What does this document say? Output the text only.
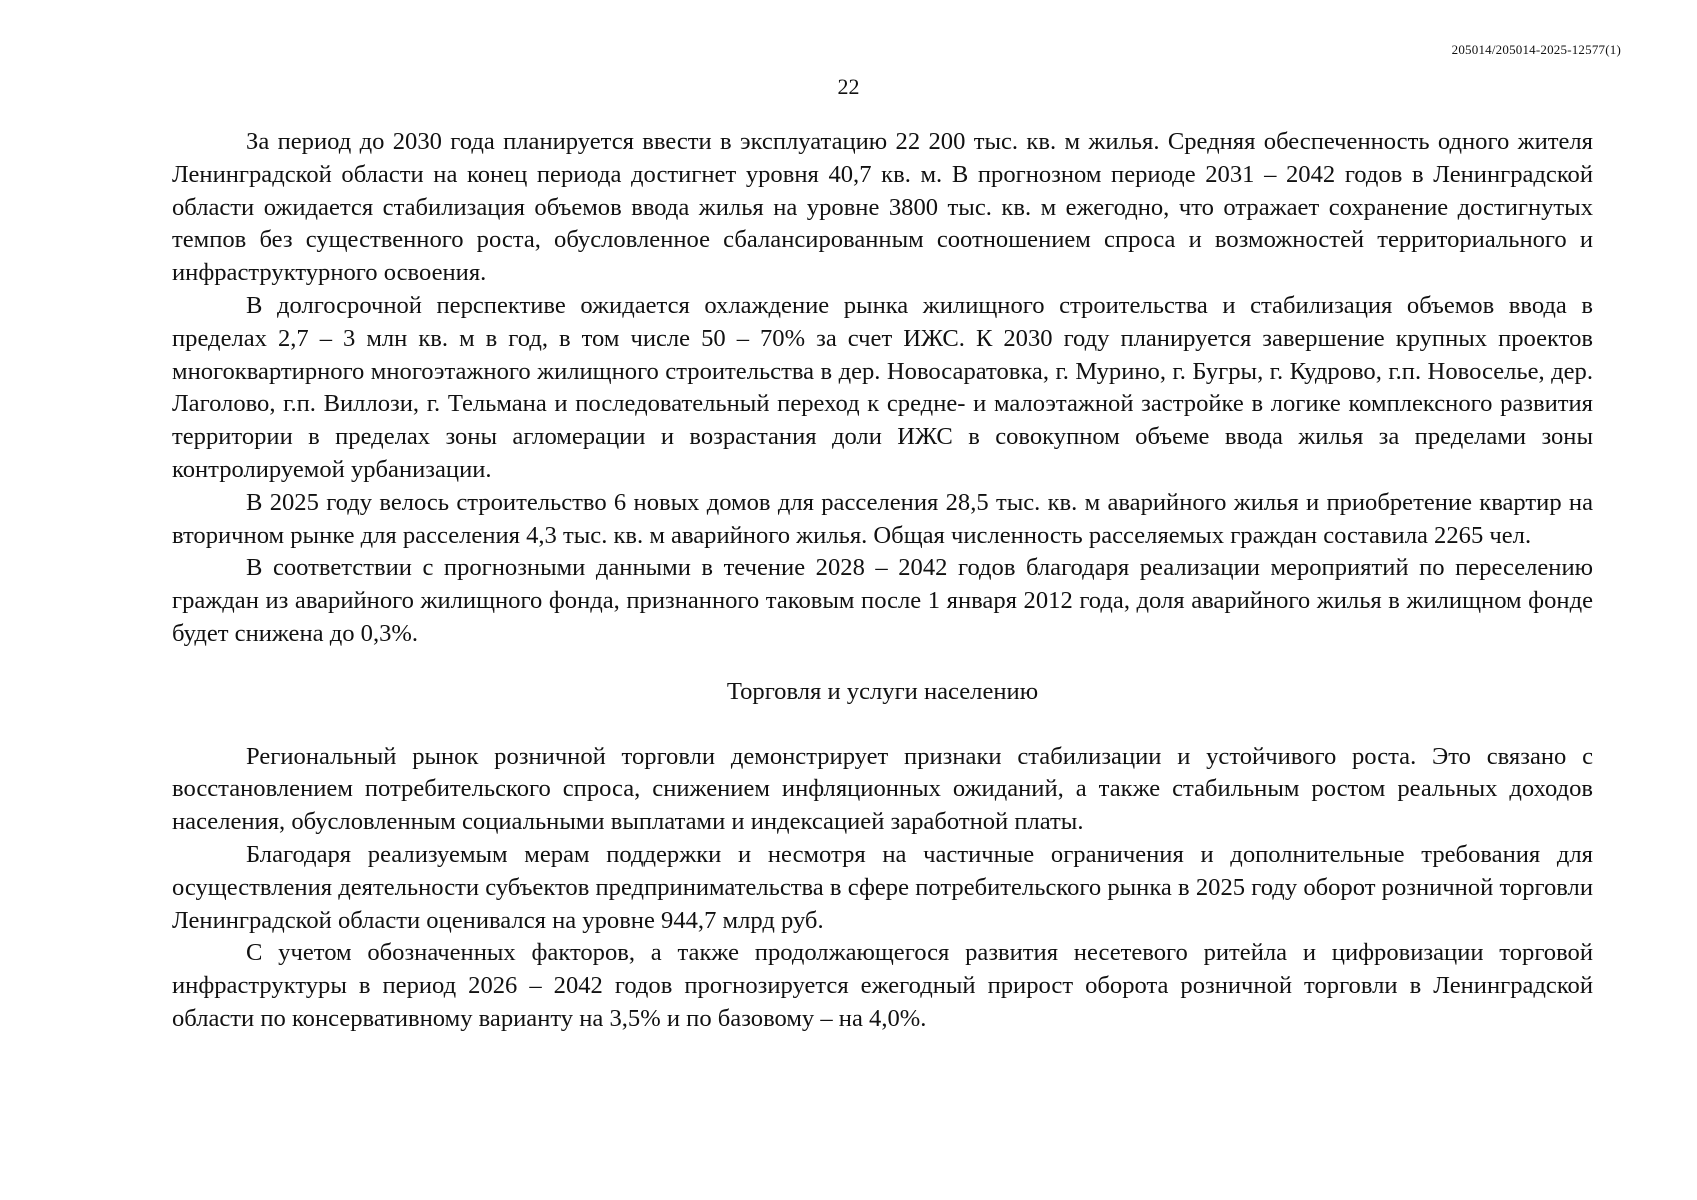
205014/205014-2025-12577(1)
22

За период до 2030 года планируется ввести в эксплуатацию 22 200 тыс. кв. м жилья. Средняя обеспеченность одного жителя Ленинградской области на конец периода достигнет уровня 40,7 кв. м. В прогнозном периоде 2031 – 2042 годов в Ленинградской области ожидается стабилизация объемов ввода жилья на уровне 3800 тыс. кв. м ежегодно, что отражает сохранение достигнутых темпов без существенного роста, обусловленное сбалансированным соотношением спроса и возможностей территориального и инфраструктурного освоения.

В долгосрочной перспективе ожидается охлаждение рынка жилищного строительства и стабилизация объемов ввода в пределах 2,7 – 3 млн кв. м в год, в том числе 50 – 70% за счет ИЖС. К 2030 году планируется завершение крупных проектов многоквартирного многоэтажного жилищного строительства в дер. Новосаратовка, г. Мурино, г. Бугры, г. Кудрово, г.п. Новоселье, дер. Лаголово, г.п. Виллози, г. Тельмана и последовательный переход к средне- и малоэтажной застройке в логике комплексного развития территории в пределах зоны агломерации и возрастания доли ИЖС в совокупном объеме ввода жилья за пределами зоны контролируемой урбанизации.

В 2025 году велось строительство 6 новых домов для расселения 28,5 тыс. кв. м аварийного жилья и приобретение квартир на вторичном рынке для расселения 4,3 тыс. кв. м аварийного жилья. Общая численность расселяемых граждан составила 2265 чел.

В соответствии с прогнозными данными в течение 2028 – 2042 годов благодаря реализации мероприятий по переселению граждан из аварийного жилищного фонда, признанного таковым после 1 января 2012 года, доля аварийного жилья в жилищном фонде будет снижена до 0,3%.

Торговля и услуги населению

Региональный рынок розничной торговли демонстрирует признаки стабилизации и устойчивого роста. Это связано с восстановлением потребительского спроса, снижением инфляционных ожиданий, а также стабильным ростом реальных доходов населения, обусловленным социальными выплатами и индексацией заработной платы.

Благодаря реализуемым мерам поддержки и несмотря на частичные ограничения и дополнительные требования для осуществления деятельности субъектов предпринимательства в сфере потребительского рынка в 2025 году оборот розничной торговли Ленинградской области оценивался на уровне 944,7 млрд руб.

С учетом обозначенных факторов, а также продолжающегося развития несетевого ритейла и цифровизации торговой инфраструктуры в период 2026 – 2042 годов прогнозируется ежегодный прирост оборота розничной торговли в Ленинградской области по консервативному варианту на 3,5% и по базовому – на 4,0%.
